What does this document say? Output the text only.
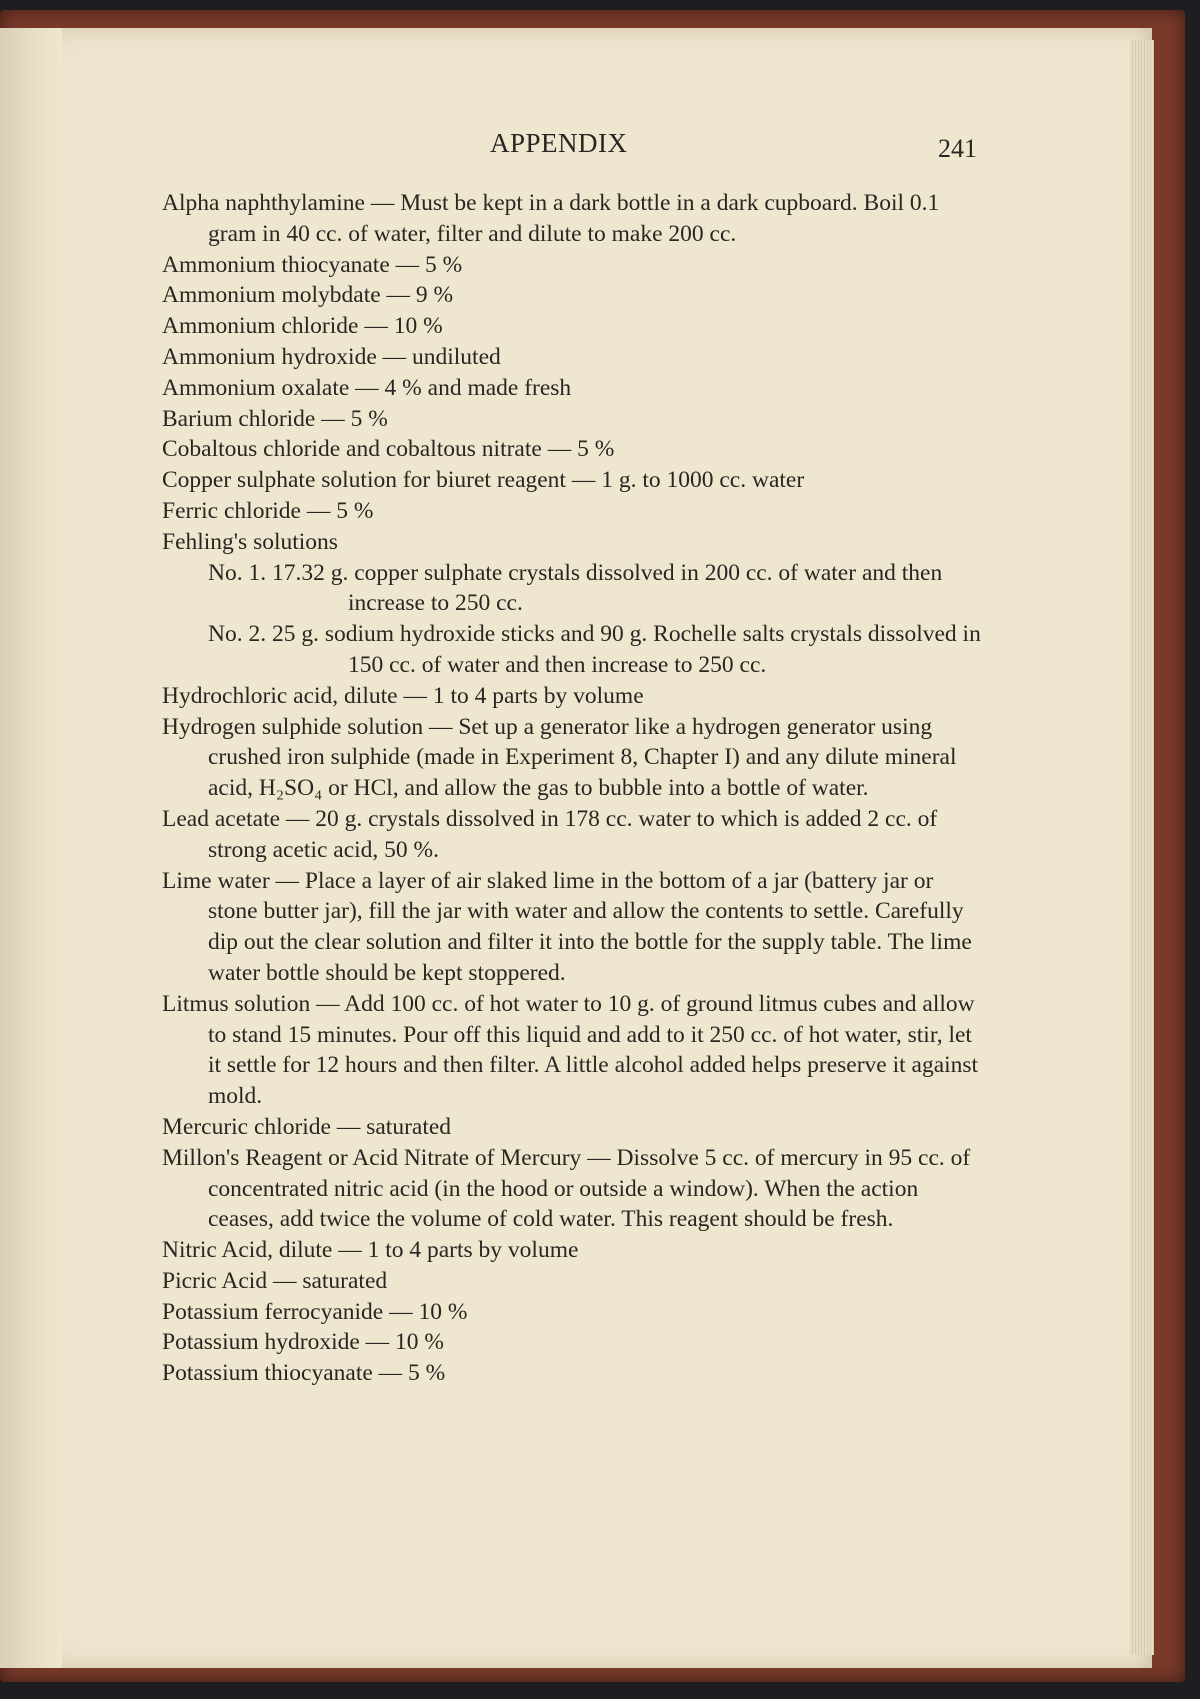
APPENDIX	241
Alpha naphthylamine — Must be kept in a dark bottle in a dark cupboard. Boil 0.1 gram in 40 cc. of water, filter and dilute to make 200 cc.
Ammonium thiocyanate — 5 %
Ammonium molybdate — 9 %
Ammonium chloride — 10 %
Ammonium hydroxide — undiluted
Ammonium oxalate — 4 % and made fresh
Barium chloride — 5 %
Cobaltous chloride and cobaltous nitrate — 5 %
Copper sulphate solution for biuret reagent — 1 g. to 1000 cc. water
Ferric chloride — 5 %
Fehling's solutions
No. 1. 17.32 g. copper sulphate crystals dissolved in 200 cc. of water and then increase to 250 cc.
No. 2. 25 g. sodium hydroxide sticks and 90 g. Rochelle salts crystals dissolved in 150 cc. of water and then increase to 250 cc.
Hydrochloric acid, dilute — 1 to 4 parts by volume
Hydrogen sulphide solution — Set up a generator like a hydrogen generator using crushed iron sulphide (made in Experiment 8, Chapter I) and any dilute mineral acid, H₂SO₄ or HCl, and allow the gas to bubble into a bottle of water.
Lead acetate — 20 g. crystals dissolved in 178 cc. water to which is added 2 cc. of strong acetic acid, 50 %.
Lime water — Place a layer of air slaked lime in the bottom of a jar (battery jar or stone butter jar), fill the jar with water and allow the contents to settle. Carefully dip out the clear solution and filter it into the bottle for the supply table. The lime water bottle should be kept stoppered.
Litmus solution — Add 100 cc. of hot water to 10 g. of ground litmus cubes and allow to stand 15 minutes. Pour off this liquid and add to it 250 cc. of hot water, stir, let it settle for 12 hours and then filter. A little alcohol added helps preserve it against mold.
Mercuric chloride — saturated
Millon's Reagent or Acid Nitrate of Mercury — Dissolve 5 cc. of mercury in 95 cc. of concentrated nitric acid (in the hood or outside a window). When the action ceases, add twice the volume of cold water. This reagent should be fresh.
Nitric Acid, dilute — 1 to 4 parts by volume
Picric Acid — saturated
Potassium ferrocyanide — 10 %
Potassium hydroxide — 10 %
Potassium thiocyanate — 5 %
